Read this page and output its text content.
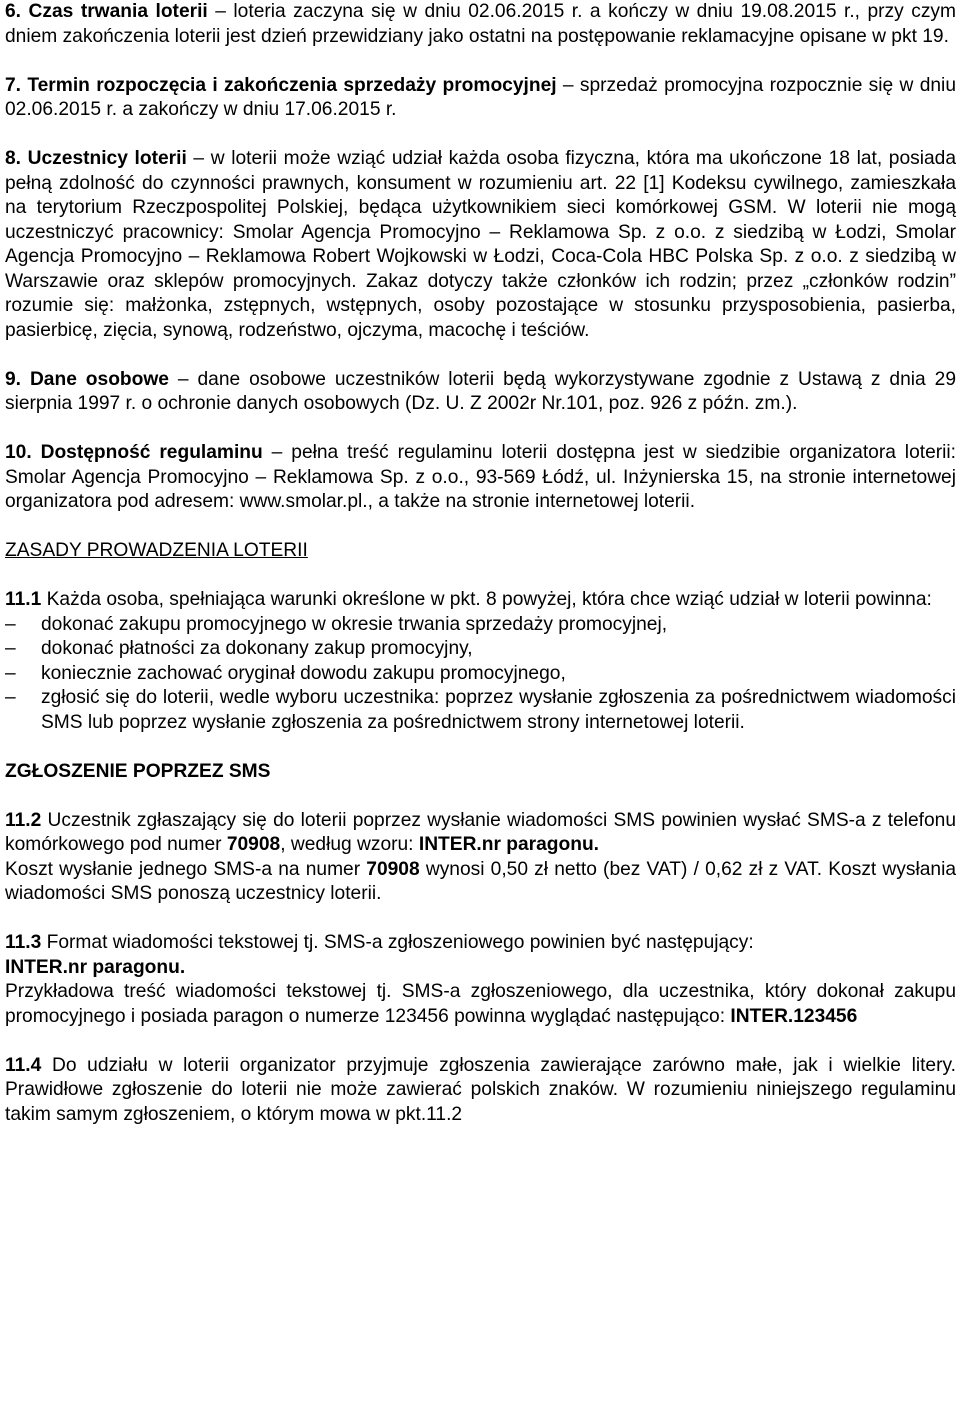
6. Czas trwania loterii – loteria zaczyna się w dniu 02.06.2015 r. a kończy w dniu 19.08.2015 r., przy czym dniem zakończenia loterii jest dzień przewidziany jako ostatni na postępowanie reklamacyjne opisane w pkt 19.

7. Termin rozpoczęcia i zakończenia sprzedaży promocyjnej – sprzedaż promocyjna rozpocznie się w dniu 02.06.2015 r. a zakończy w dniu 17.06.2015 r.

8. Uczestnicy loterii – w loterii może wziąć udział każda osoba fizyczna, która ma ukończone 18 lat, posiada pełną zdolność do czynności prawnych, konsument w rozumieniu art. 22 [1] Kodeksu cywilnego, zamieszkała na terytorium Rzeczpospolitej Polskiej, będąca użytkownikiem sieci komórkowej GSM. W loterii nie mogą uczestniczyć pracownicy: Smolar Agencja Promocyjno – Reklamowa Sp. z o.o. z siedzibą w Łodzi, Smolar Agencja Promocyjno – Reklamowa Robert Wojkowski w Łodzi, Coca-Cola HBC Polska Sp. z o.o. z siedzibą w Warszawie oraz sklepów promocyjnych. Zakaz dotyczy także członków ich rodzin; przez „członków rodzin” rozumie się: małżonka, zstępnych, wstępnych, osoby pozostające w stosunku przysposobienia, pasierba, pasierbicę, zięcia, synową, rodzeństwo, ojczyma, macochę i teściów.

9. Dane osobowe – dane osobowe uczestników loterii będą wykorzystywane zgodnie z Ustawą z dnia 29 sierpnia 1997 r. o ochronie danych osobowych (Dz. U. Z 2002r Nr.101, poz. 926 z późn. zm.).

10. Dostępność regulaminu – pełna treść regulaminu loterii dostępna jest w siedzibie organizatora loterii: Smolar Agencja Promocyjno – Reklamowa Sp. z o.o., 93-569 Łódź, ul. Inżynierska 15, na stronie internetowej organizatora pod adresem: www.smolar.pl., a także na stronie internetowej loterii.

ZASADY PROWADZENIA LOTERII

11.1 Każda osoba, spełniająca warunki określone w pkt. 8 powyżej, która chce wziąć udział w loterii powinna:

– dokonać zakupu promocyjnego w okresie trwania sprzedaży promocyjnej,
– dokonać płatności za dokonany zakup promocyjny,
– koniecznie zachować oryginał dowodu zakupu promocyjnego,
– zgłosić się do loterii, wedle wyboru uczestnika: poprzez wysłanie zgłoszenia za pośrednictwem wiadomości SMS lub poprzez wysłanie zgłoszenia za pośrednictwem strony internetowej loterii.

ZGŁOSZENIE POPRZEZ SMS

11.2 Uczestnik zgłaszający się do loterii poprzez wysłanie wiadomości SMS powinien wysłać SMS-a z telefonu komórkowego pod numer 70908, według wzoru: INTER.nr paragonu.

Koszt wysłanie jednego SMS-a na numer 70908 wynosi 0,50 zł netto (bez VAT) / 0,62 zł z VAT. Koszt wysłania wiadomości SMS ponoszą uczestnicy loterii.

11.3 Format wiadomości tekstowej tj. SMS-a zgłoszeniowego powinien być następujący:

INTER.nr paragonu.

Przykładowa treść wiadomości tekstowej tj. SMS-a zgłoszeniowego, dla uczestnika, który dokonał zakupu promocyjnego i posiada paragon o numerze 123456 powinna wyglądać następująco: INTER.123456

11.4 Do udziału w loterii organizator przyjmuje zgłoszenia zawierające zarówno małe, jak i wielkie litery. Prawidłowe zgłoszenie do loterii nie może zawierać polskich znaków. W rozumieniu niniejszego regulaminu takim samym zgłoszeniem, o którym mowa w pkt.11.2
